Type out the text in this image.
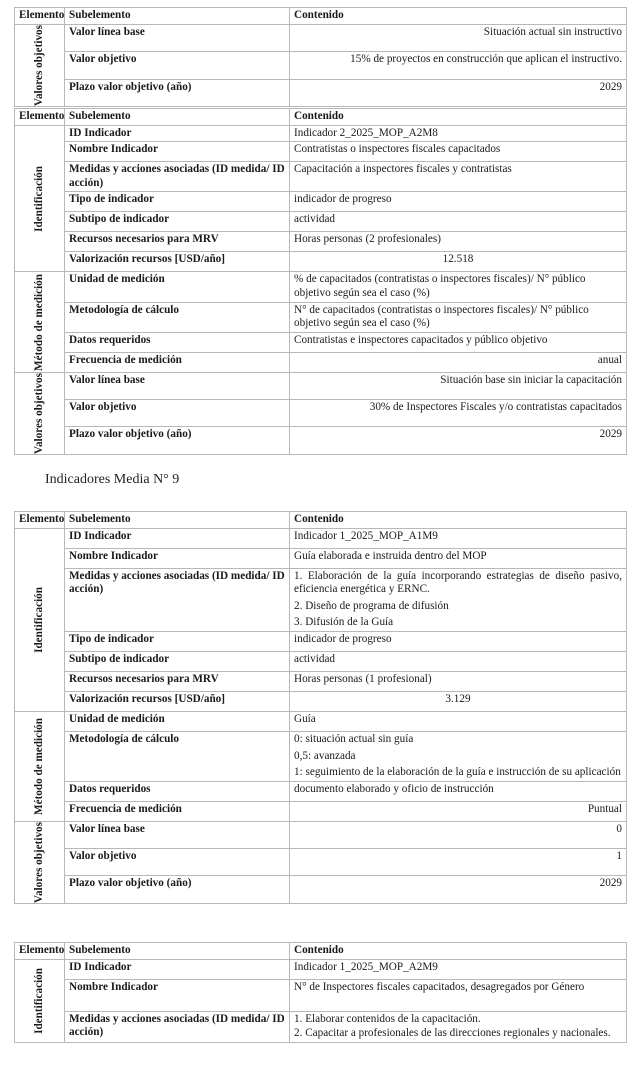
Elemento	Subelemento	Contenido

Valores objetivos	Valor línea base	Situación actual sin instructivo
	Valor objetivo	15% de proyectos en construcción que aplican el instructivo.
	Plazo valor objetivo (año)	2029
Elemento	Subelemento	Contenido

Identificación	ID Indicador	Indicador 2_2025_MOP_A2M8
	Nombre Indicador	Contratistas o inspectores fiscales capacitados
	Medidas y acciones asociadas (ID medida/ ID acción)	Capacitación a inspectores fiscales y contratistas
	Tipo de indicador	indicador de progreso
	Subtipo de indicador	actividad
	Recursos necesarios para MRV	Horas personas (2 profesionales)
	Valorización recursos [USD/año]	12.518

Método de medición	Unidad de medición	% de capacitados (contratistas o inspectores fiscales)/ N° público objetivo según sea el caso (%)
	Metodología de cálculo	N° de capacitados (contratistas o inspectores fiscales)/ N° público objetivo según sea el caso (%)
	Datos requeridos	Contratistas e inspectores capacitados y público objetivo
	Frecuencia de medición	anual

Valores objetivos	Valor línea base	Situación base sin iniciar la capacitación
	Valor objetivo	30% de Inspectores Fiscales y/o contratistas capacitados
	Plazo valor objetivo (año)	2029
Indicadores Media N° 9
Elemento	Subelemento	Contenido

Identificación	ID Indicador	Indicador 1_2025_MOP_A1M9
	Nombre Indicador	Guía elaborada e instruida dentro del MOP
	Medidas y acciones asociadas (ID medida/ ID acción)	1. Elaboración de la guía incorporando estrategias de diseño pasivo, eficiencia energética y ERNC.
2. Diseño de programa de difusión
3. Difusión de la Guía

	Tipo de indicador	indicador de progreso
	Subtipo de indicador	actividad
	Recursos necesarios para MRV	Horas personas (1 profesional)
	Valorización recursos [USD/año]	3.129

Método de medición	Unidad de medición	Guía
	Metodología de cálculo	0: situación actual sin guía
0,5: avanzada
1: seguimiento de la elaboración de la guía e instrucción de su aplicación

	Datos requeridos	documento elaborado y oficio de instrucción
	Frecuencia de medición	Puntual

Valores objetivos	Valor línea base	0
	Valor objetivo	1
	Plazo valor objetivo (año)	2029
Elemento	Subelemento	Contenido

Identificación	ID Indicador	Indicador 1_2025_MOP_A2M9
	Nombre Indicador	N° de Inspectores fiscales capacitados, desagregados por Género
	Medidas y acciones asociadas (ID medida/ ID acción)	1. Elaborar contenidos de la capacitación.
2. Capacitar a profesionales de las direcciones regionales y nacionales.
